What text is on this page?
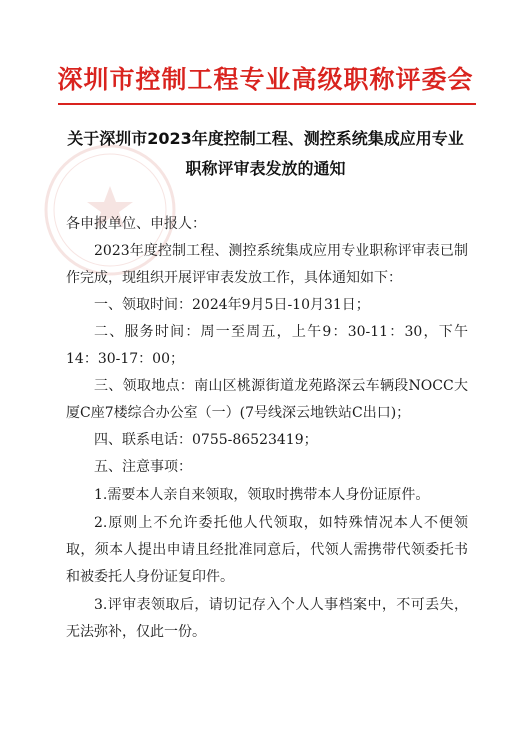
深圳市控制工程专业高级职称评委会
关于深圳市2023年度控制工程、测控系统集成应用专业
职称评审表发放的通知

各申报单位、申报人：

2023年度控制工程、测控系统集成应用专业职称评审表已制作完成，现组织开展评审表发放工作，具体通知如下：

一、领取时间：2024年9月5日-10月31日；

二、服务时间：周一至周五，上午9：30-11：30，下午14：30-17：00；

三、领取地点：南山区桃源街道龙苑路深云车辆段NOCC大厦C座7楼综合办公室（一）(7号线深云地铁站C出口)；

四、联系电话：0755-86523419；

五、注意事项：

1.需要本人亲自来领取，领取时携带本人身份证原件。

2.原则上不允许委托他人代领取，如特殊情况本人不便领取，须本人提出申请且经批准同意后，代领人需携带代领委托书和被委托人身份证复印件。

3.评审表领取后，请切记存入个人人事档案中，不可丢失，无法弥补，仅此一份。
